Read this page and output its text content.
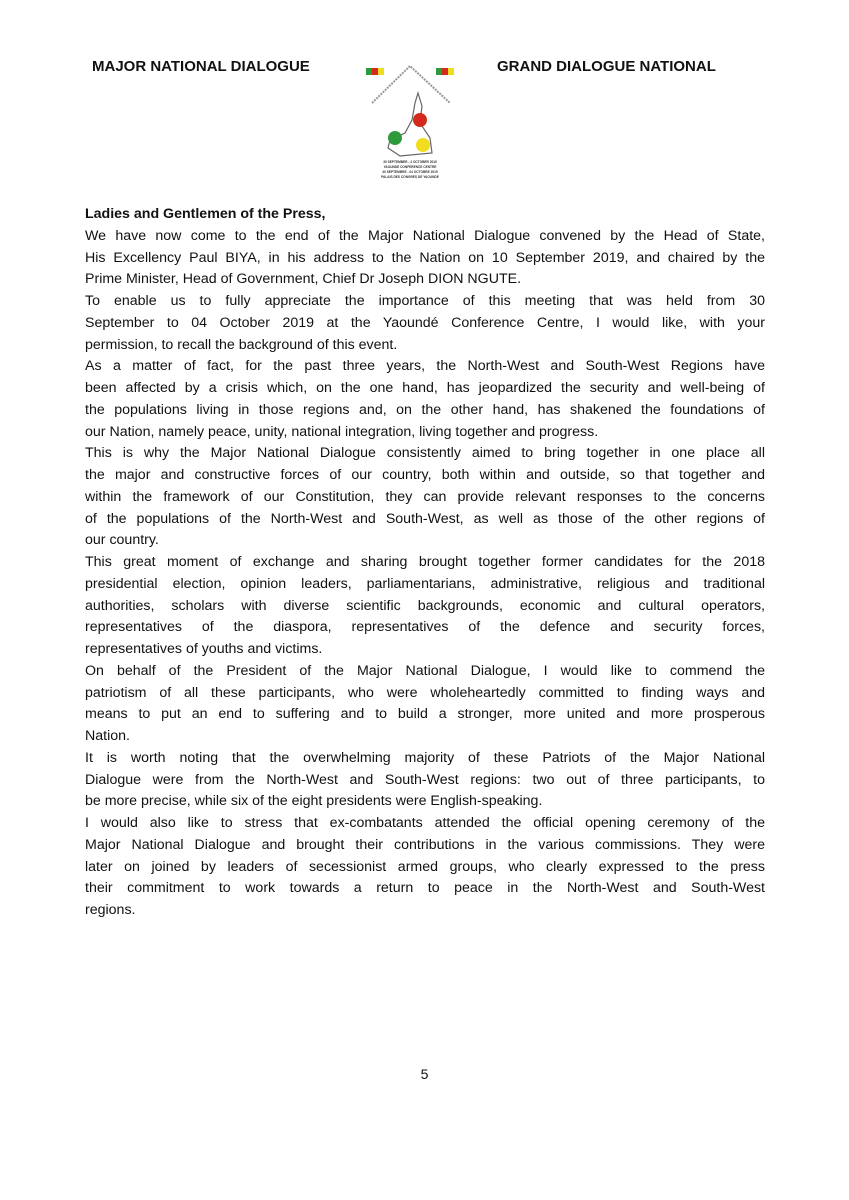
MAJOR NATIONAL DIALOGUE	GRAND DIALOGUE NATIONAL
30 SEPTEMBER - 4 OCTOBER 2019
YAOUNDE CONFERENCE CENTRE
30 SEPTEMBRE - 04 OCTOBRE 2019
PALAIS DES CONGRES DE YAOUNDE
Ladies and Gentlemen of the Press,
We have now come to the end of the Major National Dialogue convened by the Head of State,
His Excellency Paul BIYA, in his address to the Nation on 10 September 2019, and chaired by the
Prime Minister, Head of Government, Chief Dr Joseph DION NGUTE.
To enable us to fully appreciate the importance of this meeting that was held from 30
September to 04 October 2019 at the Yaoundé Conference Centre, I would like, with your
permission, to recall the background of this event.
As a matter of fact, for the past three years, the North-West and South-West Regions have
been affected by a crisis which, on the one hand, has jeopardized the security and well-being of
the populations living in those regions and, on the other hand, has shakened the foundations of
our Nation, namely peace, unity, national integration, living together and progress.
This is why the Major National Dialogue consistently aimed to bring together in one place all
the major and constructive forces of our country, both within and outside, so that together and
within the framework of our Constitution, they can provide relevant responses to the concerns
of the populations of the North-West and South-West, as well as those of the other regions of
our country.
This great moment of exchange and sharing brought together former candidates for the 2018
presidential election, opinion leaders, parliamentarians, administrative, religious and traditional
authorities, scholars with diverse scientific backgrounds, economic and cultural operators,
representatives of the diaspora, representatives of the defence and security forces,
representatives of youths and victims.
On behalf of the President of the Major National Dialogue, I would like to commend the
patriotism of all these participants, who were wholeheartedly committed to finding ways and
means to put an end to suffering and to build a stronger, more united and more prosperous
Nation.
It is worth noting that the overwhelming majority of these Patriots of the Major National
Dialogue were from the North-West and South-West regions: two out of three participants, to
be more precise, while six of the eight presidents were English-speaking.
I would also like to stress that ex-combatants attended the official opening ceremony of the
Major National Dialogue and brought their contributions in the various commissions. They were
later on joined by leaders of secessionist armed groups, who clearly expressed to the press
their commitment to work towards a return to peace in the North-West and South-West
regions.
5
